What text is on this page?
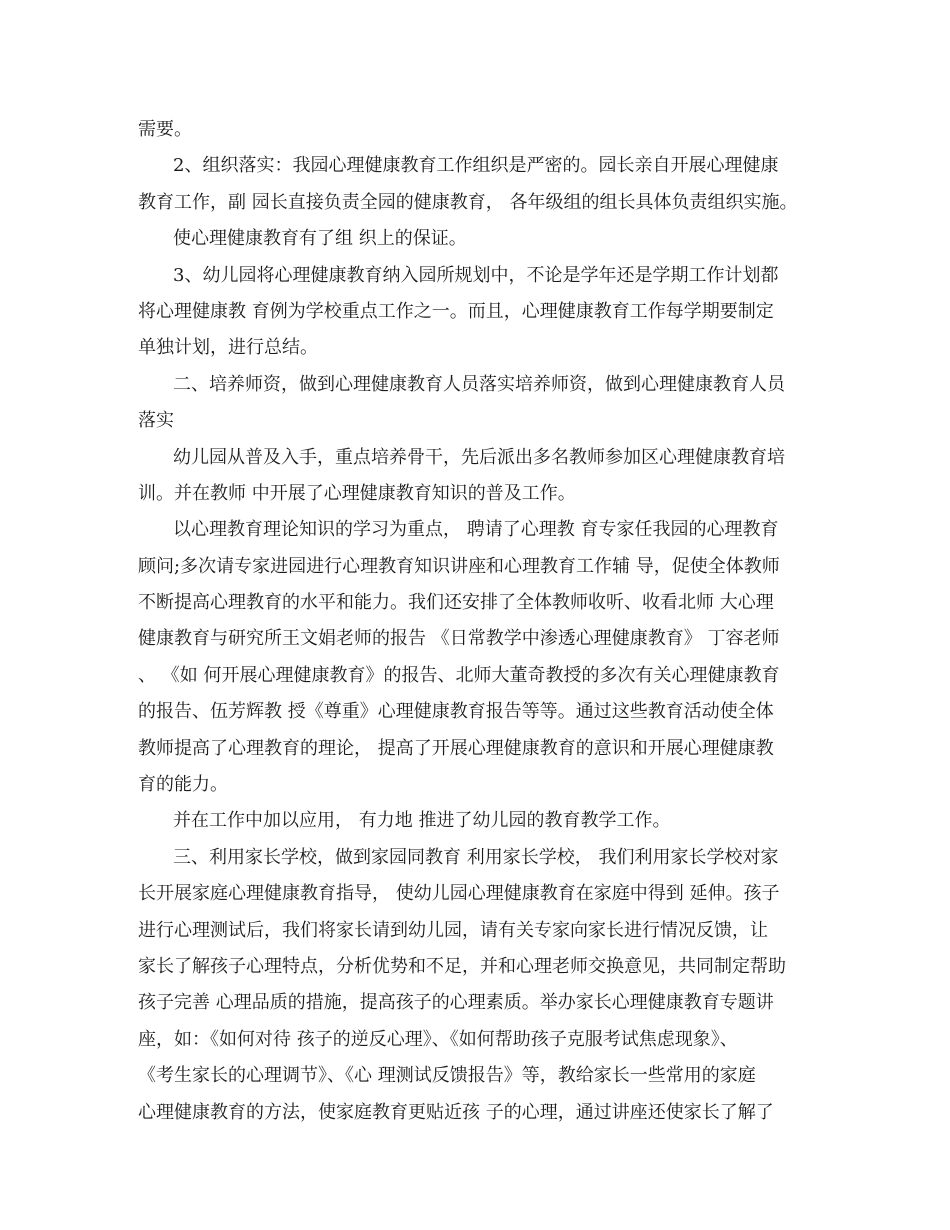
需要。
2、组织落实：我园心理健康教育工作组织是严密的。园长亲自开展心理健康
教育工作，副 园长直接负责全园的健康教育， 各年级组的组长具体负责组织实施。
使心理健康教育有了组 织上的保证。
3、幼儿园将心理健康教育纳入园所规划中，不论是学年还是学期工作计划都
将心理健康教 育例为学校重点工作之一。而且，心理健康教育工作每学期要制定
单独计划，进行总结。
二、培养师资，做到心理健康教育人员落实培养师资，做到心理健康教育人员
落实
幼儿园从普及入手，重点培养骨干，先后派出多名教师参加区心理健康教育培
训。并在教师 中开展了心理健康教育知识的普及工作。
以心理教育理论知识的学习为重点， 聘请了心理教 育专家任我园的心理教育
顾问;多次请专家进园进行心理教育知识讲座和心理教育工作辅 导，促使全体教师
不断提高心理教育的水平和能力。我们还安排了全体教师收听、收看北师 大心理
健康教育与研究所王文娟老师的报告 《日常教学中渗透心理健康教育》 丁容老师
、 《如 何开展心理健康教育》的报告、北师大董奇教授的多次有关心理健康教育
的报告、伍芳辉教 授《尊重》心理健康教育报告等等。通过这些教育活动使全体
教师提高了心理教育的理论， 提高了开展心理健康教育的意识和开展心理健康教
育的能力。
并在工作中加以应用， 有力地 推进了幼儿园的教育教学工作。
三、利用家长学校，做到家园同教育 利用家长学校， 我们利用家长学校对家
长开展家庭心理健康教育指导， 使幼儿园心理健康教育在家庭中得到 延伸。孩子
进行心理测试后，我们将家长请到幼儿园，请有关专家向家长进行情况反馈，让
家长了解孩子心理特点，分析优势和不足，并和心理老师交换意见，共同制定帮助
孩子完善 心理品质的措施，提高孩子的心理素质。举办家长心理健康教育专题讲
座，如：《如何对待 孩子的逆反心理》、《如何帮助孩子克服考试焦虑现象》、
《考生家长的心理调节》、《心 理测试反馈报告》等，教给家长一些常用的家庭
心理健康教育的方法，使家庭教育更贴近孩 子的心理，通过讲座还使家长了解了
